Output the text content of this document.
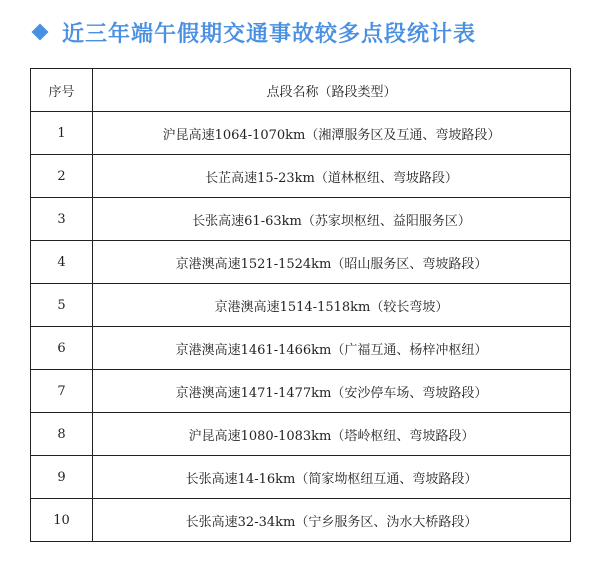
近三年端午假期交通事故较多点段统计表
序号	点段名称（路段类型）
1	沪昆高速1064-1070km（湘潭服务区及互通、弯坡路段）
2	长芷高速15-23km（道林枢纽、弯坡路段）
3	长张高速61-63km（苏家坝枢纽、益阳服务区）
4	京港澳高速1521-1524km（昭山服务区、弯坡路段）
5	京港澳高速1514-1518km（较长弯坡）
6	京港澳高速1461-1466km（广福互通、杨梓冲枢纽）
7	京港澳高速1471-1477km（安沙停车场、弯坡路段）
8	沪昆高速1080-1083km（塔岭枢纽、弯坡路段）
9	长张高速14-16km（简家坳枢纽互通、弯坡路段）
10	长张高速32-34km（宁乡服务区、沩水大桥路段）
